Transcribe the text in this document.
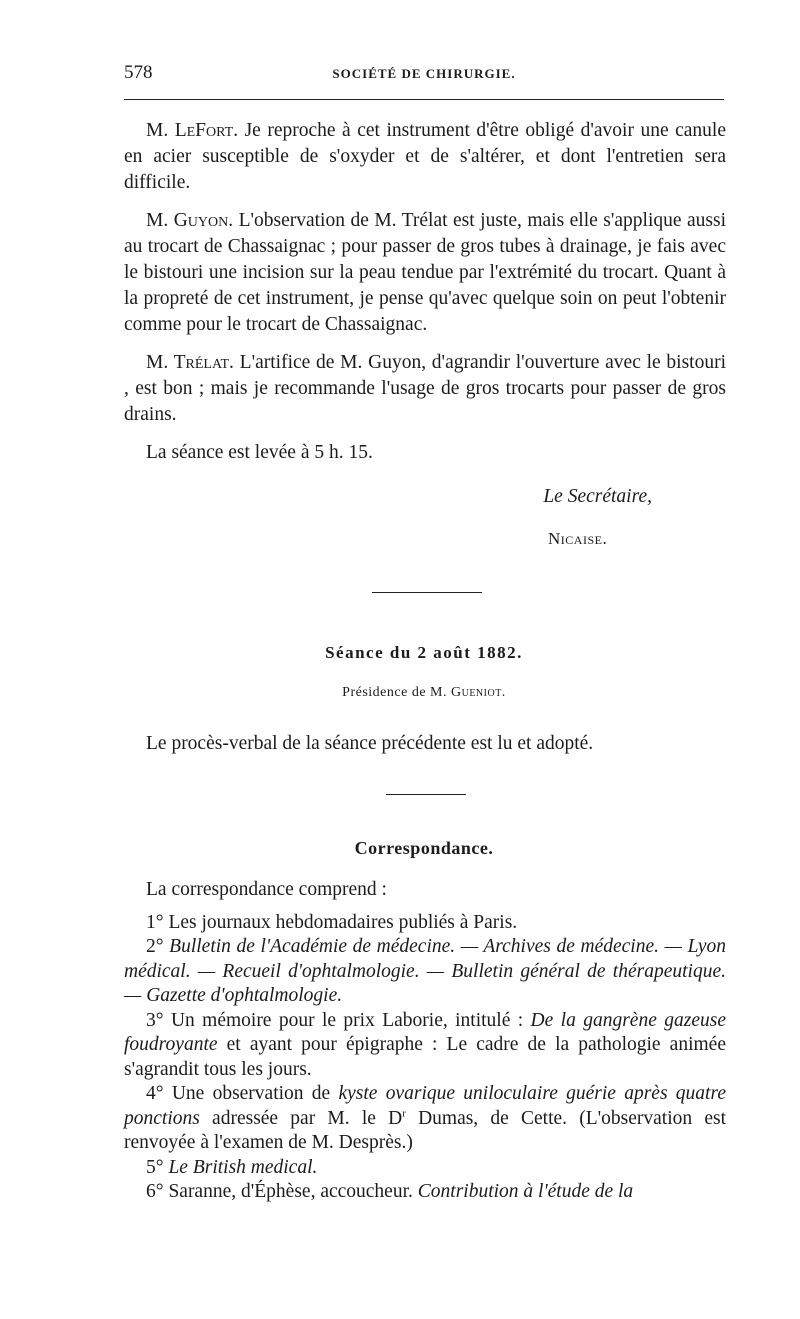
578	SOCIÉTÉ DE CHIRURGIE.

M. LeFort. Je reproche à cet instrument d'être obligé d'avoir une canule en acier susceptible de s'oxyder et de s'altérer, et dont l'entretien sera difficile.

M. Guyon. L'observation de M. Trélat est juste, mais elle s'applique aussi au trocart de Chassaignac ; pour passer de gros tubes à drainage, je fais avec le bistouri une incision sur la peau tendue par l'extrémité du trocart. Quant à la propreté de cet instrument, je pense qu'avec quelque soin on peut l'obtenir comme pour le trocart de Chassaignac.

M. Trélat. L'artifice de M. Guyon, d'agrandir l'ouverture avec le bistouri , est bon ; mais je recommande l'usage de gros trocarts pour passer de gros drains.

La séance est levée à 5 h. 15.

Le Secrétaire,
Nicaise.
Séance du 2 août 1882.
Présidence de M. Gueniot.
Le procès-verbal de la séance précédente est lu et adopté.
Correspondance.

La correspondance comprend :

1° Les journaux hebdomadaires publiés à Paris.

2° Bulletin de l'Académie de médecine. — Archives de médecine. — Lyon médical. — Recueil d'ophtalmologie. — Bulletin général de thérapeutique. — Gazette d'ophtalmologie.

3° Un mémoire pour le prix Laborie, intitulé : De la gangrène gazeuse foudroyante et ayant pour épigraphe : Le cadre de la pathologie animée s'agrandit tous les jours.

4° Une observation de kyste ovarique uniloculaire guérie après quatre ponctions adressée par M. le $D^r$ Dumas, de Cette. (L'observation est renvoyée à l'examen de M. Desprès.)

5° Le British medical.

6° Saranne, d'Éphèse, accoucheur. Contribution à l'étude de la
